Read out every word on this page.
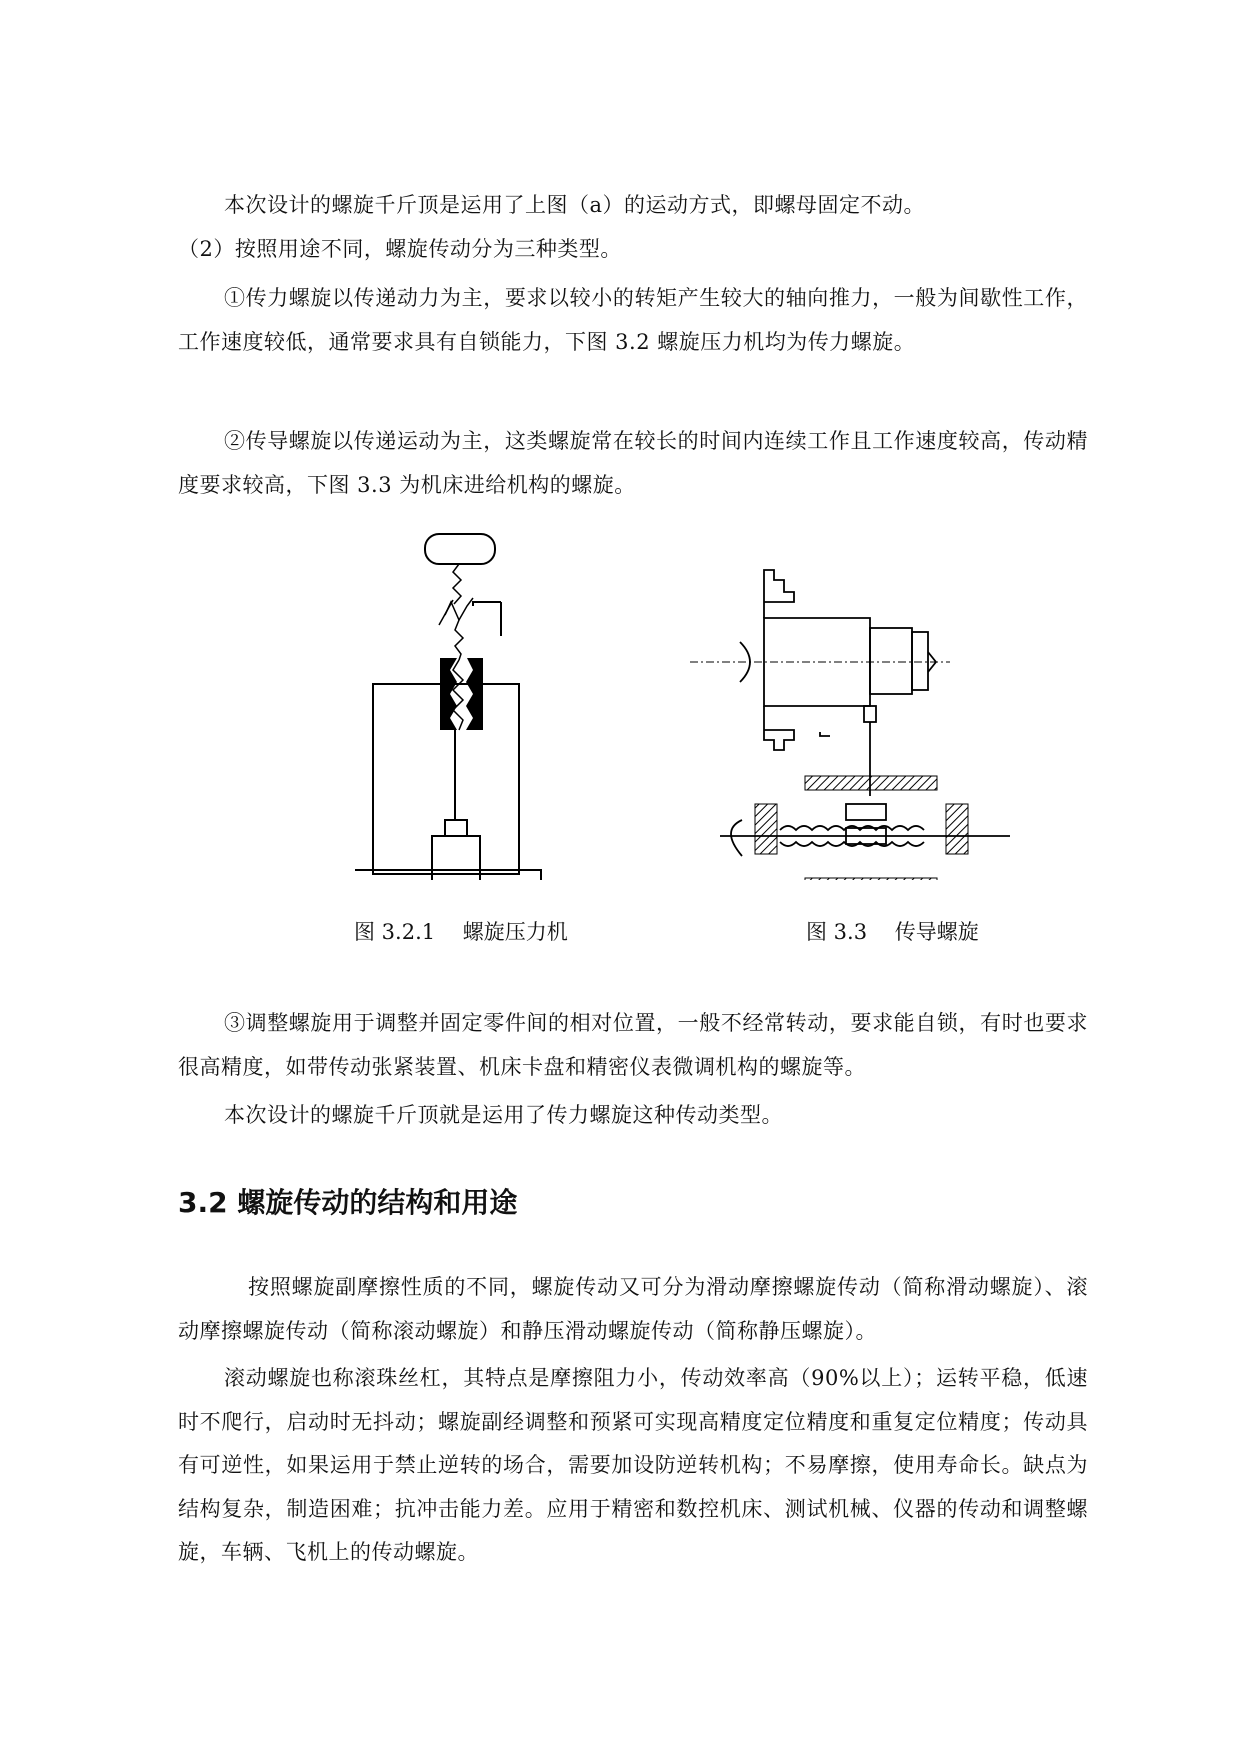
本次设计的螺旋千斤顶是运用了上图（a）的运动方式，即螺母固定不动。

（2）按照用途不同，螺旋传动分为三种类型。

①传力螺旋以传递动力为主，要求以较小的转矩产生较大的轴向推力，一般为间歇性工作，工作速度较低，通常要求具有自锁能力，下图 3.2 螺旋压力机均为传力螺旋。

②传导螺旋以传递运动为主，这类螺旋常在较长的时间内连续工作且工作速度较高，传动精度要求较高，下图 3.3 为机床进给机构的螺旋。

图 3.2.1　 螺旋压力机	图 3.3　 传导螺旋

③调整螺旋用于调整并固定零件间的相对位置，一般不经常转动，要求能自锁，有时也要求很高精度，如带传动张紧装置、机床卡盘和精密仪表微调机构的螺旋等。

本次设计的螺旋千斤顶就是运用了传力螺旋这种传动类型。

3.2 螺旋传动的结构和用途

按照螺旋副摩擦性质的不同，螺旋传动又可分为滑动摩擦螺旋传动（简称滑动螺旋）、滚动摩擦螺旋传动（简称滚动螺旋）和静压滑动螺旋传动（简称静压螺旋）。

滚动螺旋也称滚珠丝杠，其特点是摩擦阻力小，传动效率高（90%以上）；运转平稳，低速时不爬行，启动时无抖动；螺旋副经调整和预紧可实现高精度定位精度和重复定位精度；传动具有可逆性，如果运用于禁止逆转的场合，需要加设防逆转机构；不易摩擦，使用寿命长。缺点为结构复杂，制造困难；抗冲击能力差。应用于精密和数控机床、测试机械、仪器的传动和调整螺旋，车辆、飞机上的传动螺旋。
